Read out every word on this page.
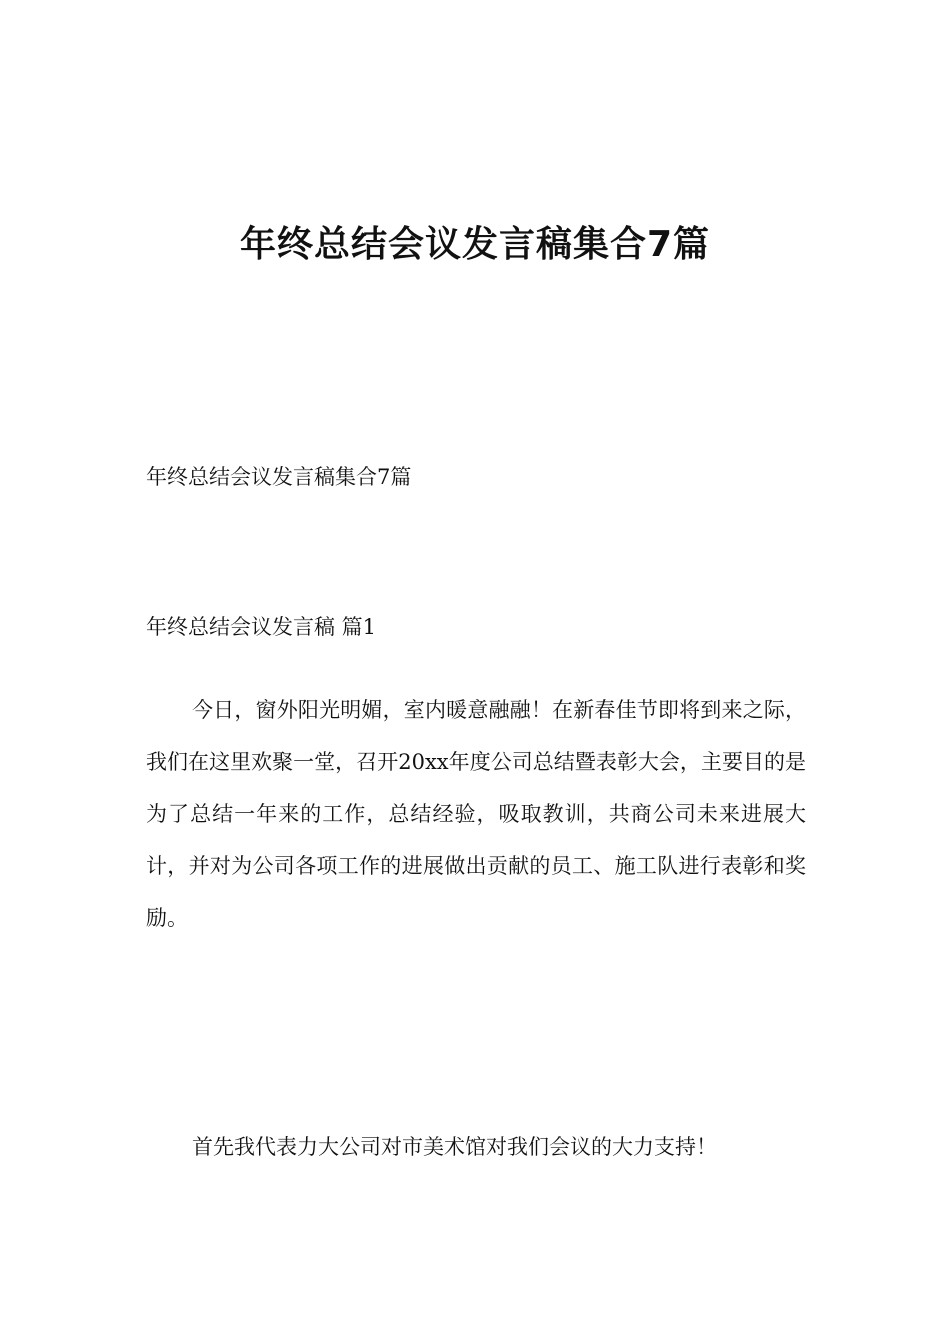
年终总结会议发言稿集合7篇
年终总结会议发言稿集合7篇
年终总结会议发言稿 篇1
今日，窗外阳光明媚，室内暖意融融！在新春佳节即将到来之际，我们在这里欢聚一堂，召开20xx年度公司总结暨表彰大会，主要目的是为了总结一年来的工作，总结经验，吸取教训，共商公司未来进展大计，并对为公司各项工作的进展做出贡献的员工、施工队进行表彰和奖励。
首先我代表力大公司对市美术馆对我们会议的大力支持！
